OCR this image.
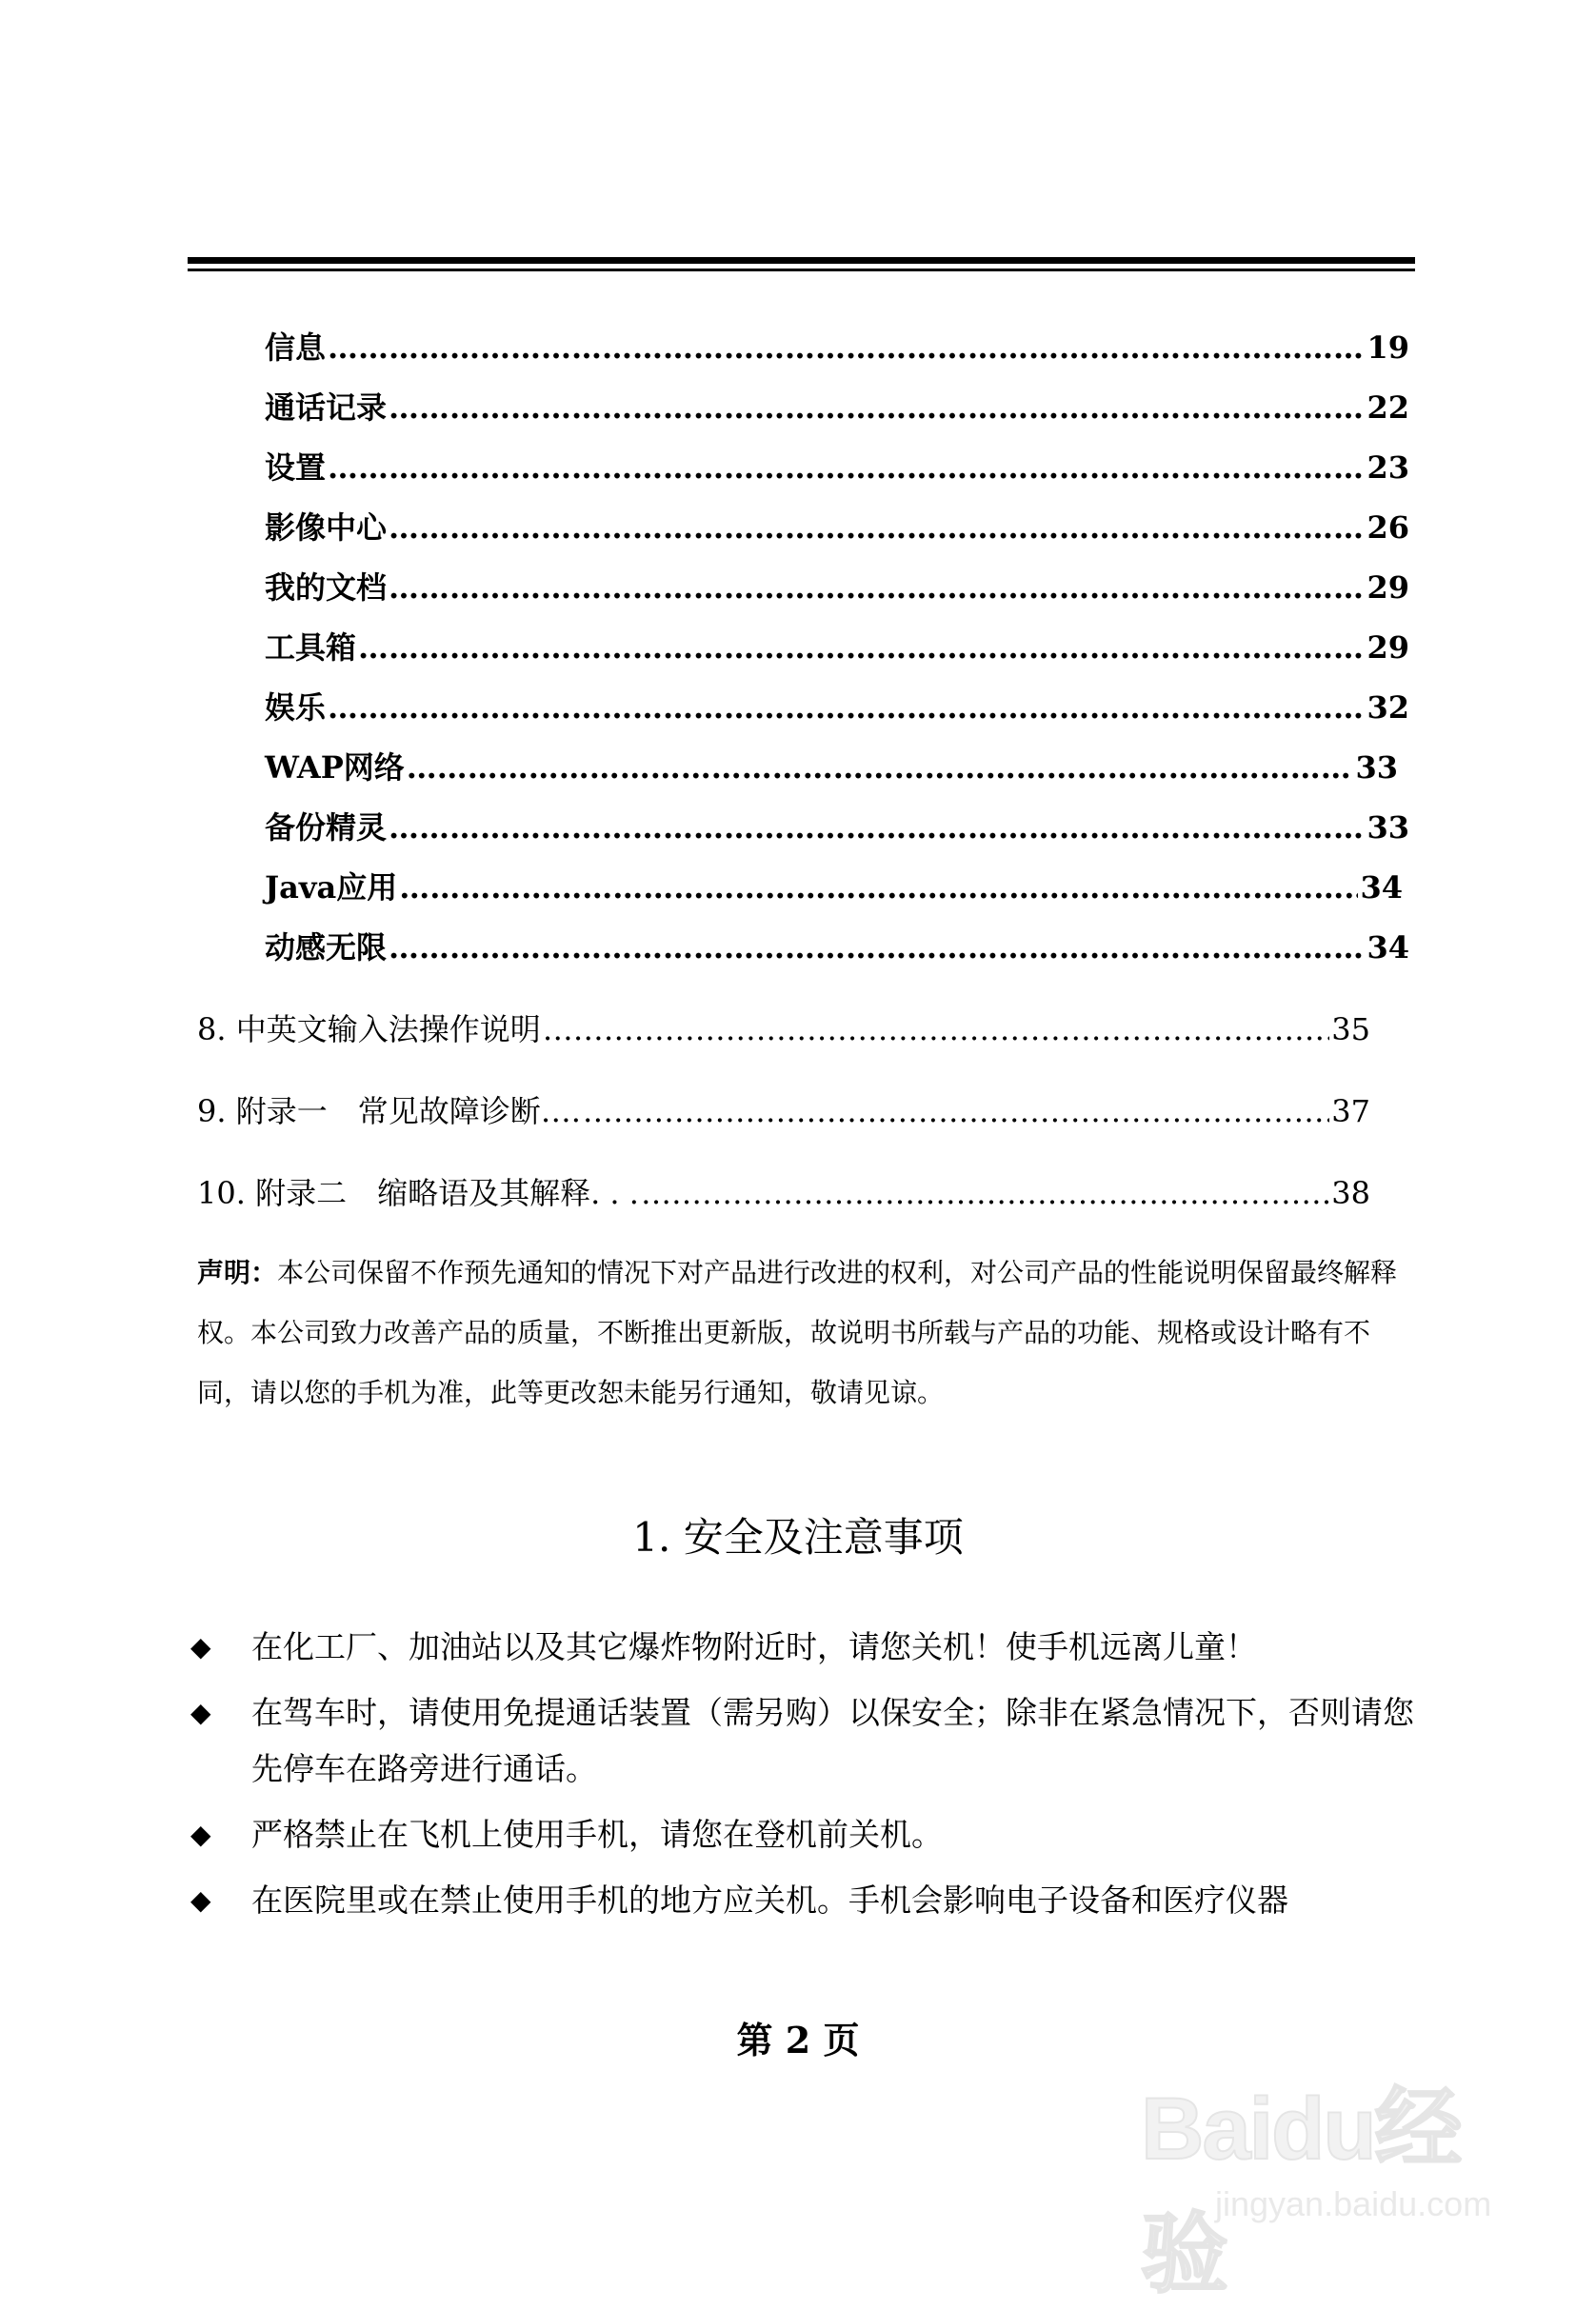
信息 ……………………………………………………………………………………………………………………………………………………………………………………………………	19
通话记录 ……………………………………………………………………………………………………………………………………………………………………………………………………	22
设置 ……………………………………………………………………………………………………………………………………………………………………………………………………	23
影像中心 ……………………………………………………………………………………………………………………………………………………………………………………………………	26
我的文档 ……………………………………………………………………………………………………………………………………………………………………………………………………	29
工具箱 ……………………………………………………………………………………………………………………………………………………………………………………………………	29
娱乐 ……………………………………………………………………………………………………………………………………………………………………………………………………	32
WAP网络 ……………………………………………………………………………………………………………………………………………………………………………………………………	33
备份精灵 ……………………………………………………………………………………………………………………………………………………………………………………………………	33
Java应用 ……………………………………………………………………………………………………………………………………………………………………………………………………	34
动感无限 ……………………………………………………………………………………………………………………………………………………………………………………………………	34
8. 中英文输入法操作说明 ……………………………………………………………………………………………………………………………………………………………………………………………………	35
9. 附录一　常见故障诊断…. ……………………………………………………………………………………………………………………………………………………………………………………………………	37
10. 附录二　缩略语及其解释. . . ……………………………………………………………………………………………………………………………………………………………………………………………………	38
声明：本公司保留不作预先通知的情况下对产品进行改进的权利，对公司产品的性能说明保留最终解释权。本公司致力改善产品的质量，不断推出更新版，故说明书所载与产品的功能、规格或设计略有不同，请以您的手机为准，此等更改恕未能另行通知，敬请见谅。
1. 安全及注意事项
◆	在化工厂、加油站以及其它爆炸物附近时，请您关机！使手机远离儿童！
◆	在驾车时，请使用免提通话装置（需另购）以保安全；除非在紧急情况下，否则请您先停车在路旁进行通话。
◆	严格禁止在飞机上使用手机，请您在登机前关机。
◆	在医院里或在禁止使用手机的地方应关机。手机会影响电子设备和医疗仪器
第 2 页
Baidu经验
jingyan.baidu.com
